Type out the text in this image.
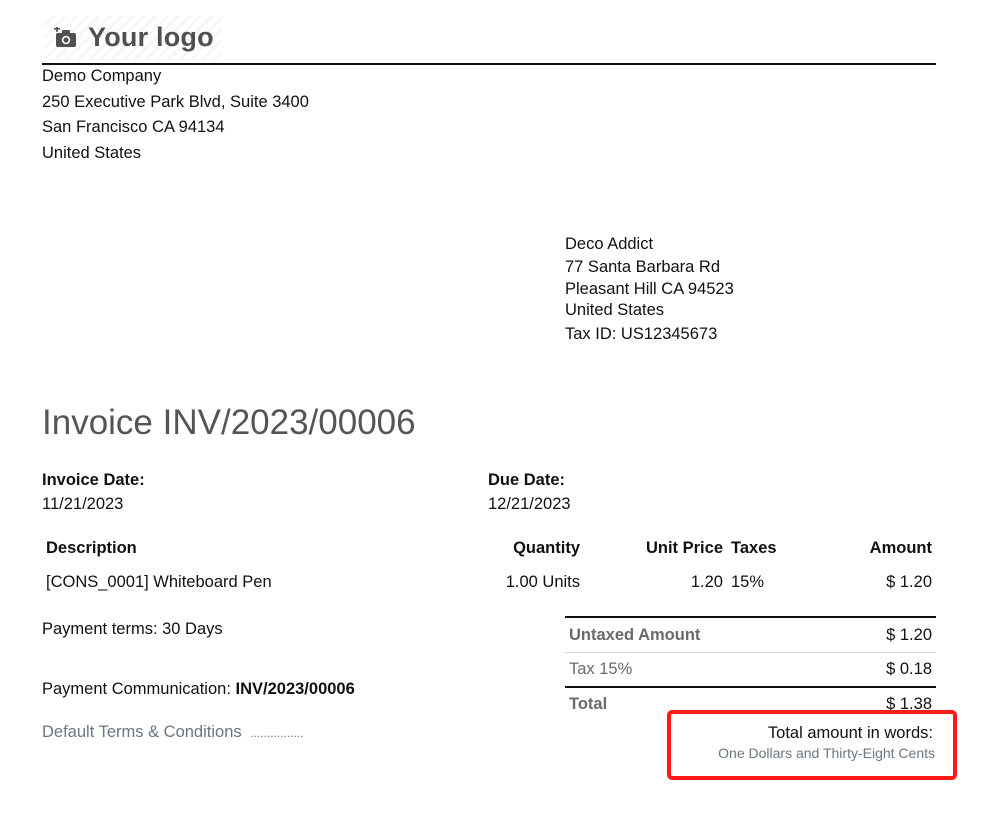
Your logo
Demo Company
250 Executive Park Blvd, Suite 3400
San Francisco CA 94134
United States
Deco Addict
77 Santa Barbara Rd
Pleasant Hill CA 94523
United States
Tax ID: US12345673
Invoice INV/2023/00006
Invoice Date:
11/21/2023
Due Date:
12/21/2023
Description	Quantity	Unit Price Taxes	Amount
[CONS_0001] Whiteboard Pen	1.00 Units	1.20 15%	$ 1.20
Payment terms: 30 Days
Payment Communication: INV/2023/00006
Default Terms & Conditions ................
Untaxed Amount	$ 1.20
Tax 15%	$ 0.18
Total	$ 1.38
Total amount in words:
One Dollars and Thirty-Eight Cents
